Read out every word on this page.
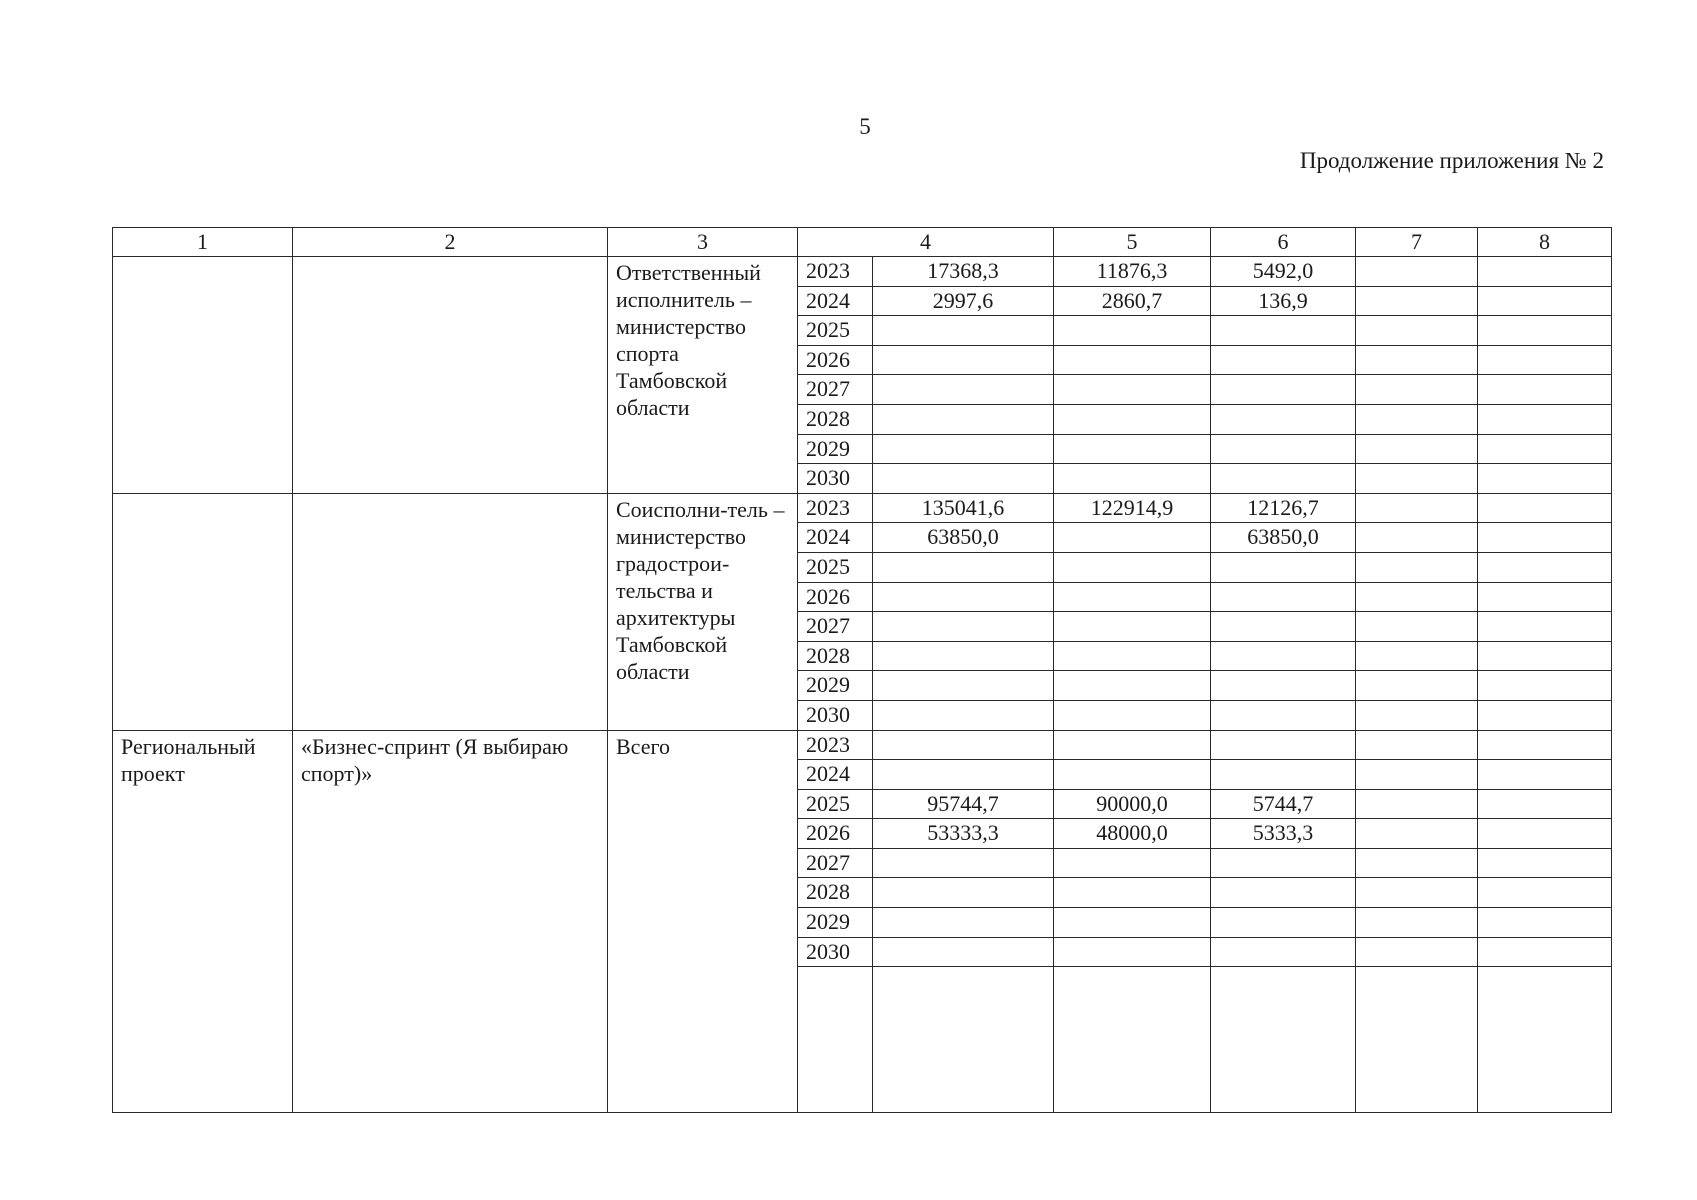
5
Продолжение приложения № 2
1	2	3	4		5	6	7	8
		Ответственный исполнитель – министерство спорта Тамбовской области	2023	17368,3	11876,3	5492,0		
			2024	2997,6	2860,7	136,9		
			2025					
			2026					
			2027					
			2028					
			2029					
			2030					
		Соисполни-тель – министерство градострои-тельства и архитектуры Тамбовской области	2023	135041,6	122914,9	12126,7		
			2024	63850,0		63850,0		
			2025					
			2026					
			2027					
			2028					
			2029					
			2030					
Региональный проект	«Бизнес-спринт (Я выбираю спорт)»	Всего	2023					
			2024					
			2025	95744,7	90000,0	5744,7		
			2026	53333,3	48000,0	5333,3		
			2027					
			2028					
			2029					
			2030					
